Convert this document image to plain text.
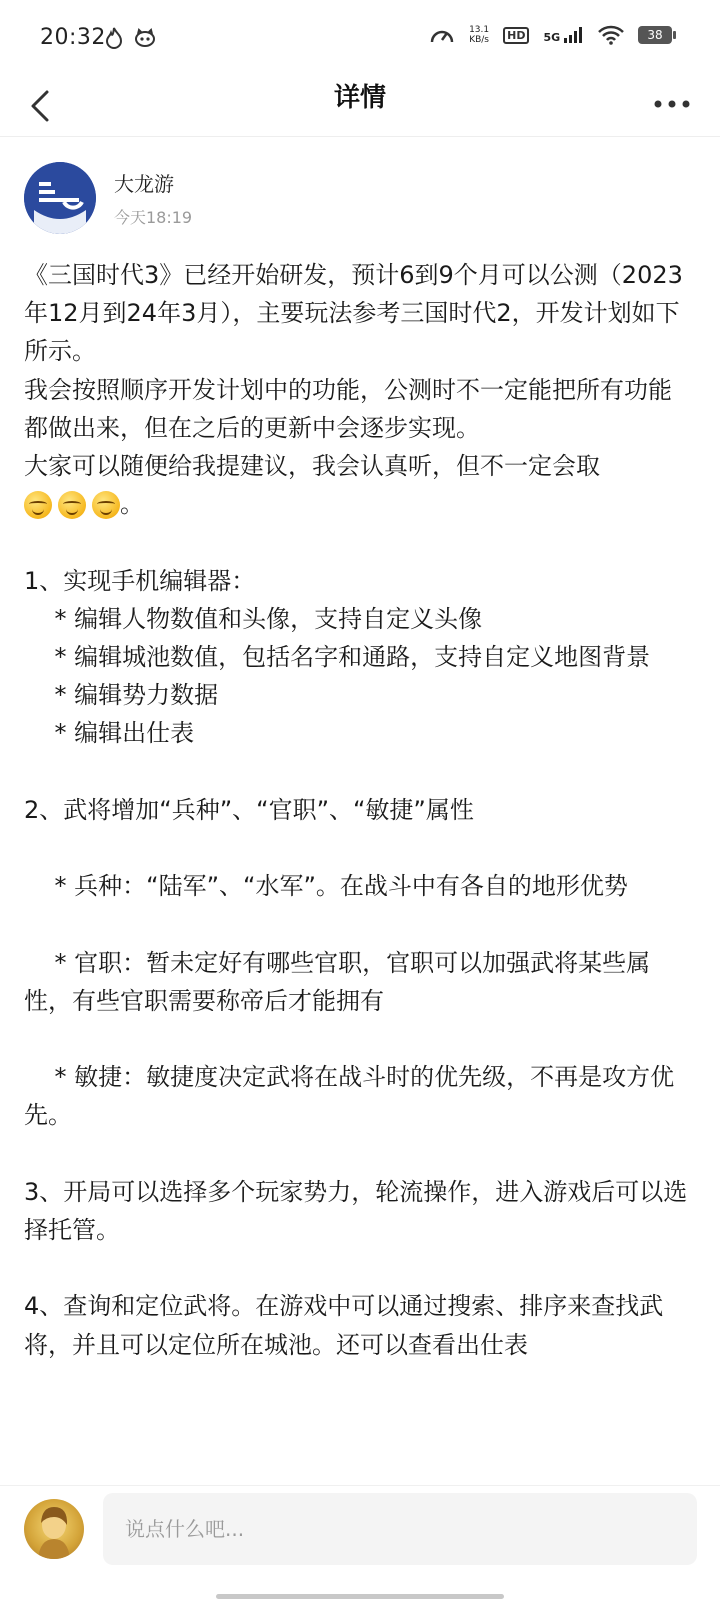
20:32	13.1
KB/s	HD	5G	38
详情
大龙游
今天18:19
《三国时代3》已经开始研发，预计6到9个月可以公测（2023年12月到24年3月），主要玩法参考三国时代2，开发计划如下所示。
我会按照顺序开发计划中的功能，公测时不一定能把所有功能都做出来，但在之后的更新中会逐步实现。
大家可以随便给我提建议，我会认真听，但不一定会取

。

1、实现手机编辑器：
* 编辑人物数值和头像，支持自定义头像
* 编辑城池数值，包括名字和通路，支持自定义地图背景
* 编辑势力数据
* 编辑出仕表

2、武将增加“兵种”、“官职”、“敏捷”属性

* 兵种：“陆军”、“水军”。在战斗中有各自的地形优势

* 官职：暂未定好有哪些官职，官职可以加强武将某些属性，有些官职需要称帝后才能拥有

* 敏捷：敏捷度决定武将在战斗时的优先级，不再是攻方优先。

3、开局可以选择多个玩家势力，轮流操作，进入游戏后可以选择托管。

4、查询和定位武将。在游戏中可以通过搜索、排序来查找武将，并且可以定位所在城池。还可以查看出仕表
说点什么吧...
